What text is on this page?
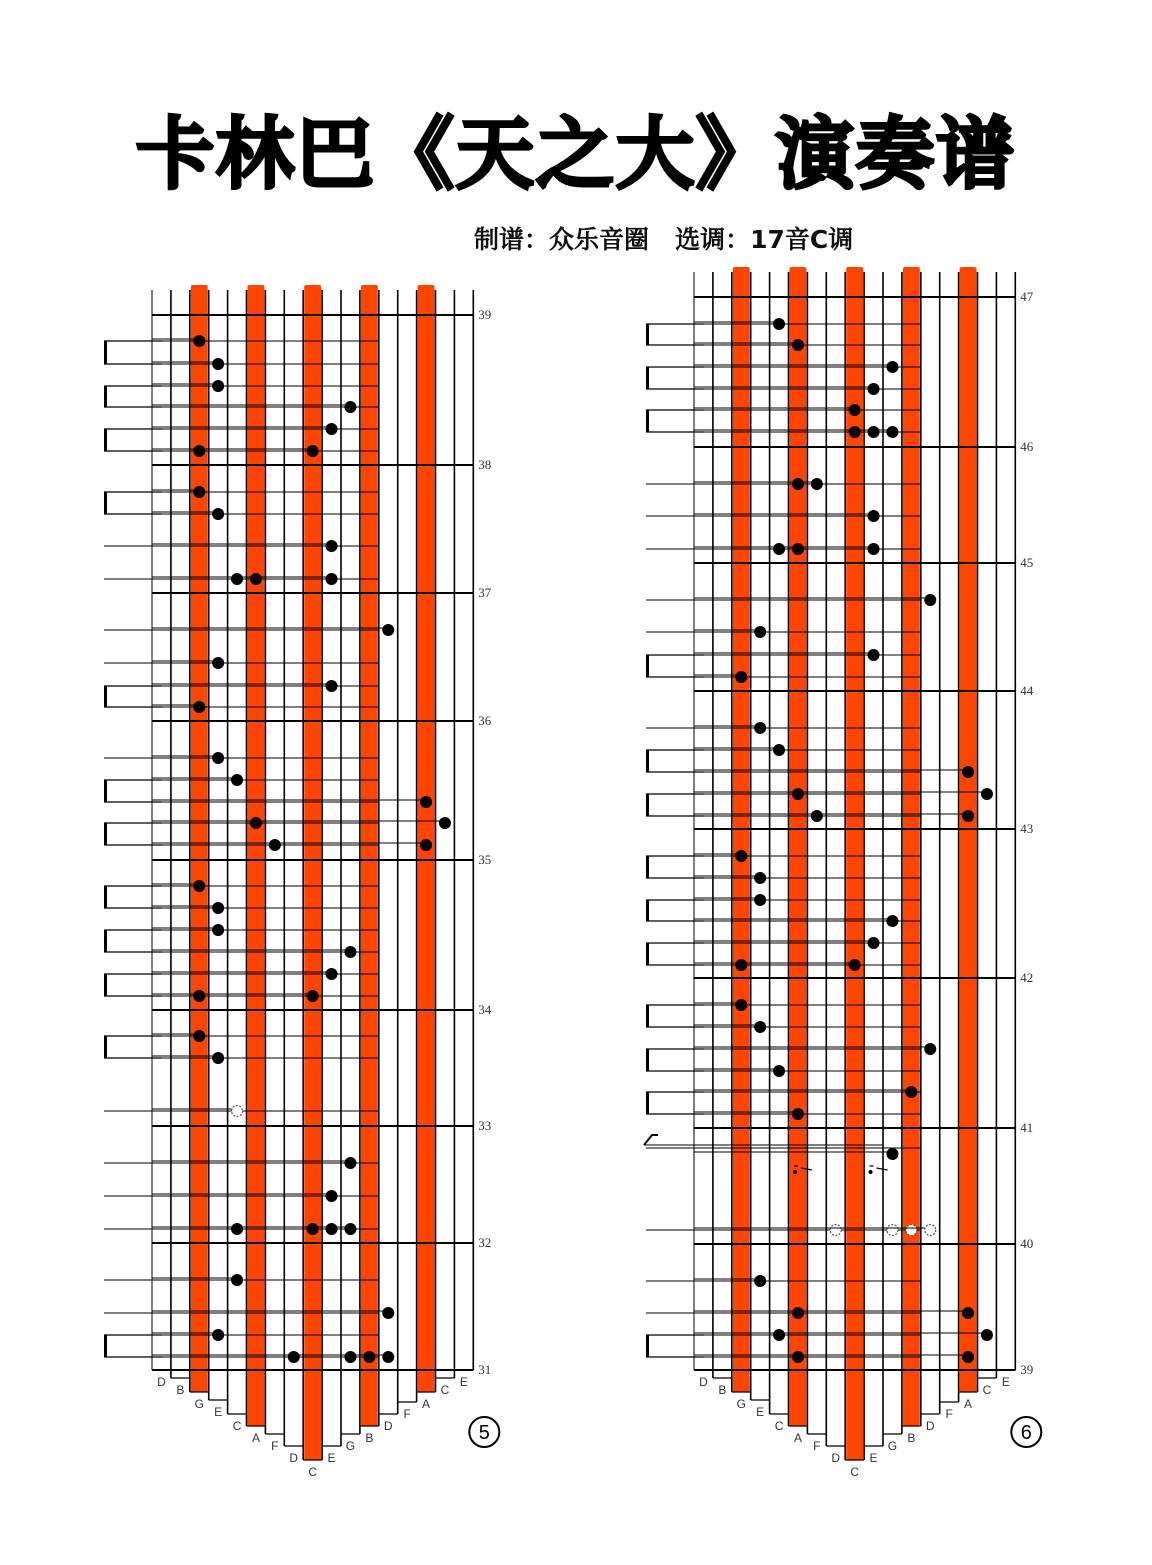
卡林巴《天之大》演奏谱
制谱：众乐音圈   选调：17音C调
39
38
37
36
35
34
33
32
31
D
B
G
E
C
A
F
D
C
E
G
B
D
F
A
C
E
5
47
46
45
44
43
42
41
40
39
D
B
G
E
C
A
F
D
C
E
G
B
D
F
A
C
E
6
